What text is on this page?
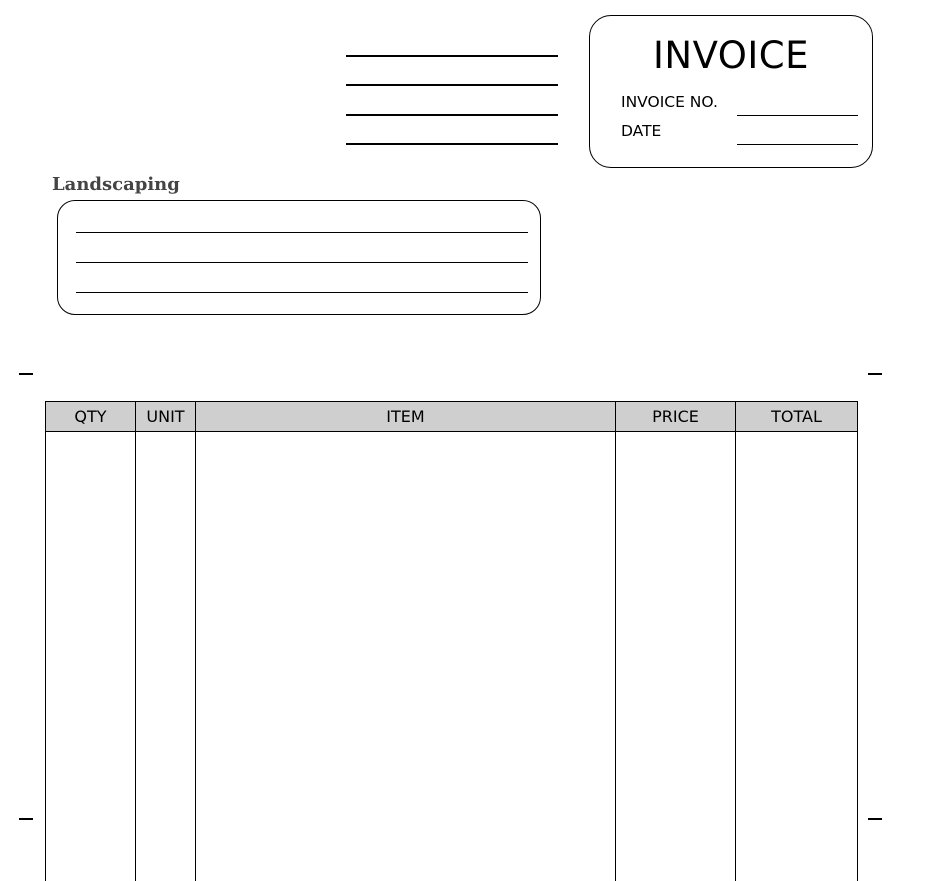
INVOICE
INVOICE NO.
DATE
Landscaping
QTY	UNIT	ITEM	PRICE	TOTAL
